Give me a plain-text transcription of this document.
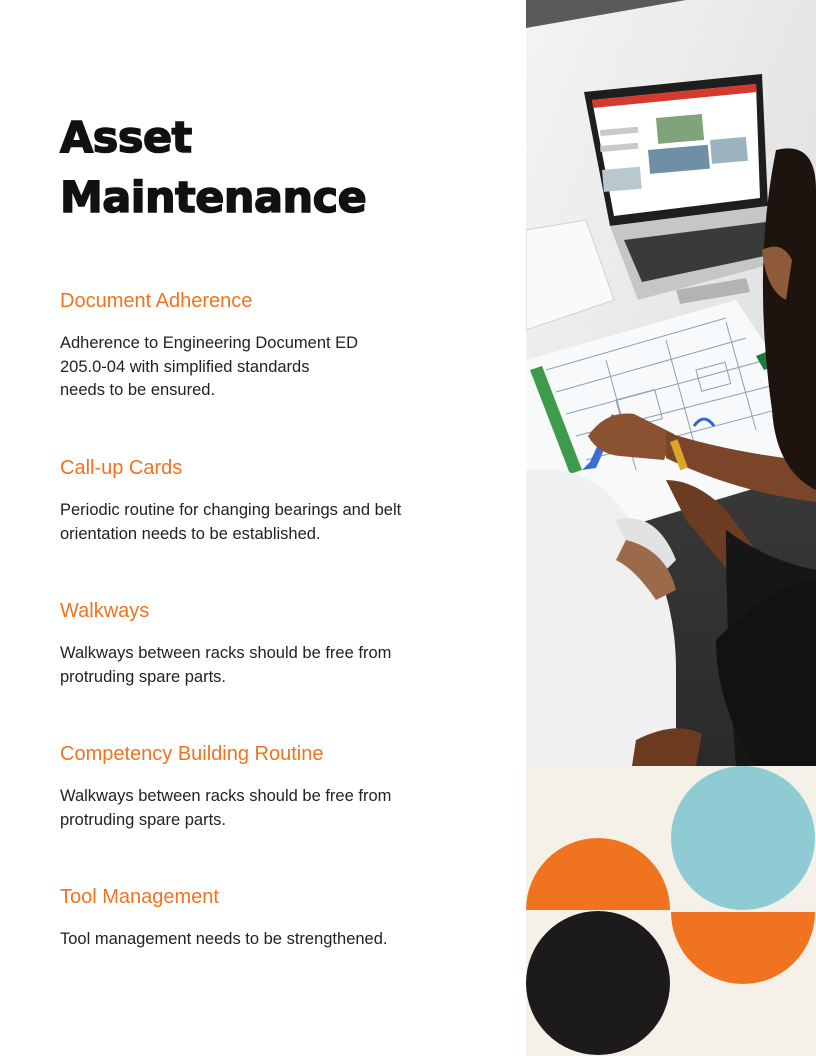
Asset
Maintenance
Document Adherence

Adherence to Engineering Document ED
205.0-04 with simplified standards
needs to be ensured.

Call-up Cards

Periodic routine for changing bearings and belt
orientation needs to be established.

Walkways

Walkways between racks should be free from
protruding spare parts.

Competency Building Routine

Walkways between racks should be free from
protruding spare parts.

Tool Management

Tool management needs to be strengthened.
